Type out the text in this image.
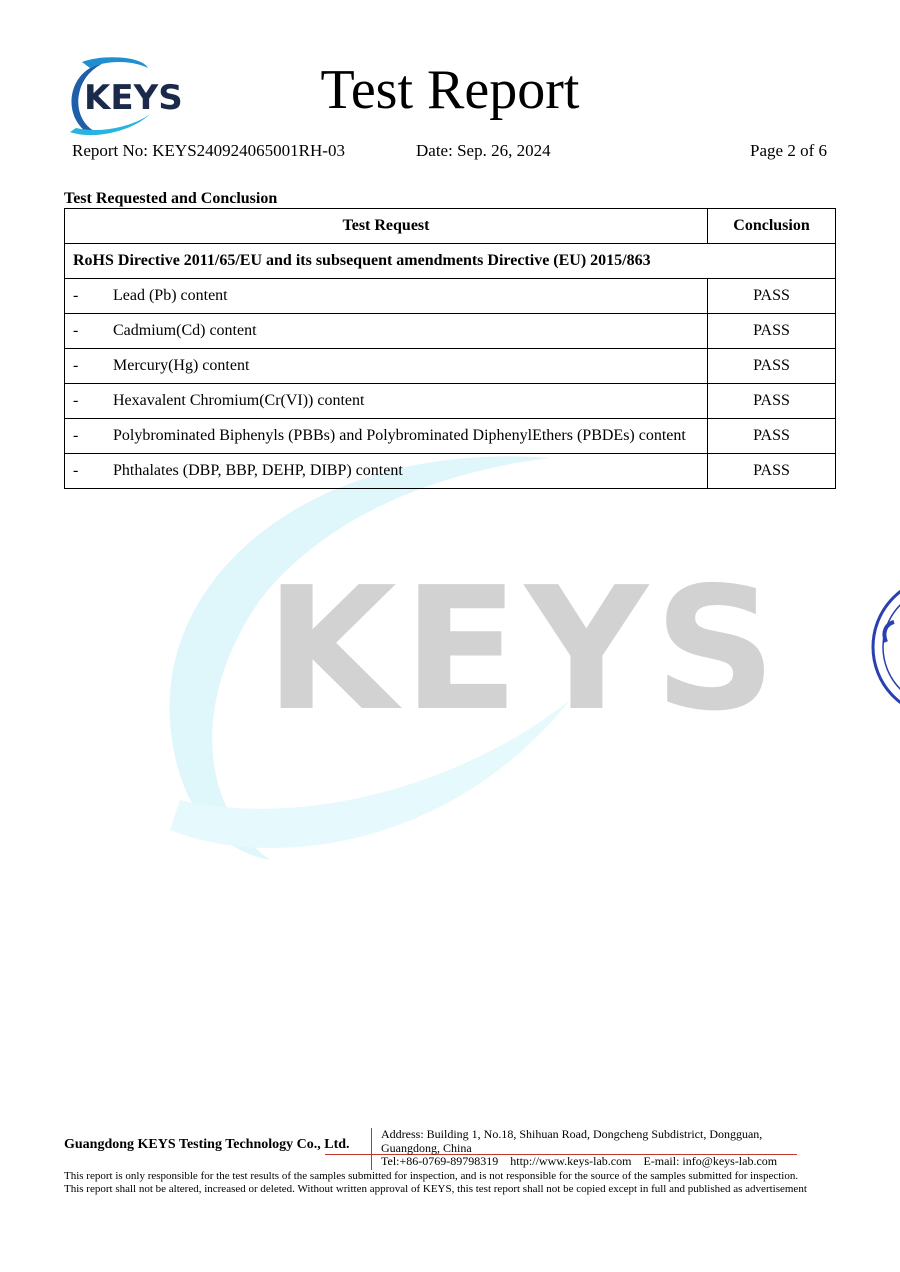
KEYS	Test Report
Report No: KEYS240924065001RH-03	Date: Sep. 26, 2024	Page 2 of 6
Test Requested and Conclusion
KEYS
Test Request	Conclusion
RoHS Directive 2011/65/EU and its subsequent amendments Directive (EU) 2015/863	
- Lead (Pb) content	PASS
- Cadmium(Cd) content	PASS
- Mercury(Hg) content	PASS
- Hexavalent Chromium(Cr(VI)) content	PASS
- Polybrominated Biphenyls (PBBs) and Polybrominated DiphenylEthers (PBDEs) content	PASS
- Phthalates (DBP, BBP, DEHP, DIBP) content	PASS
Guangdong KEYS Testing Technology Co., Ltd.
Address: Building 1, No.18, Shihuan Road, Dongcheng Subdistrict, Dongguan,
Guangdong, China
Tel:+86-0769-89798319    http://www.keys-lab.com    E-mail: info@keys-lab.com
This report is only responsible for the test results of the samples submitted for inspection, and is not responsible for the source of the samples submitted for inspection.
This report shall not be altered, increased or deleted. Without written approval of KEYS, this test report shall not be copied except in full and published as advertisement
